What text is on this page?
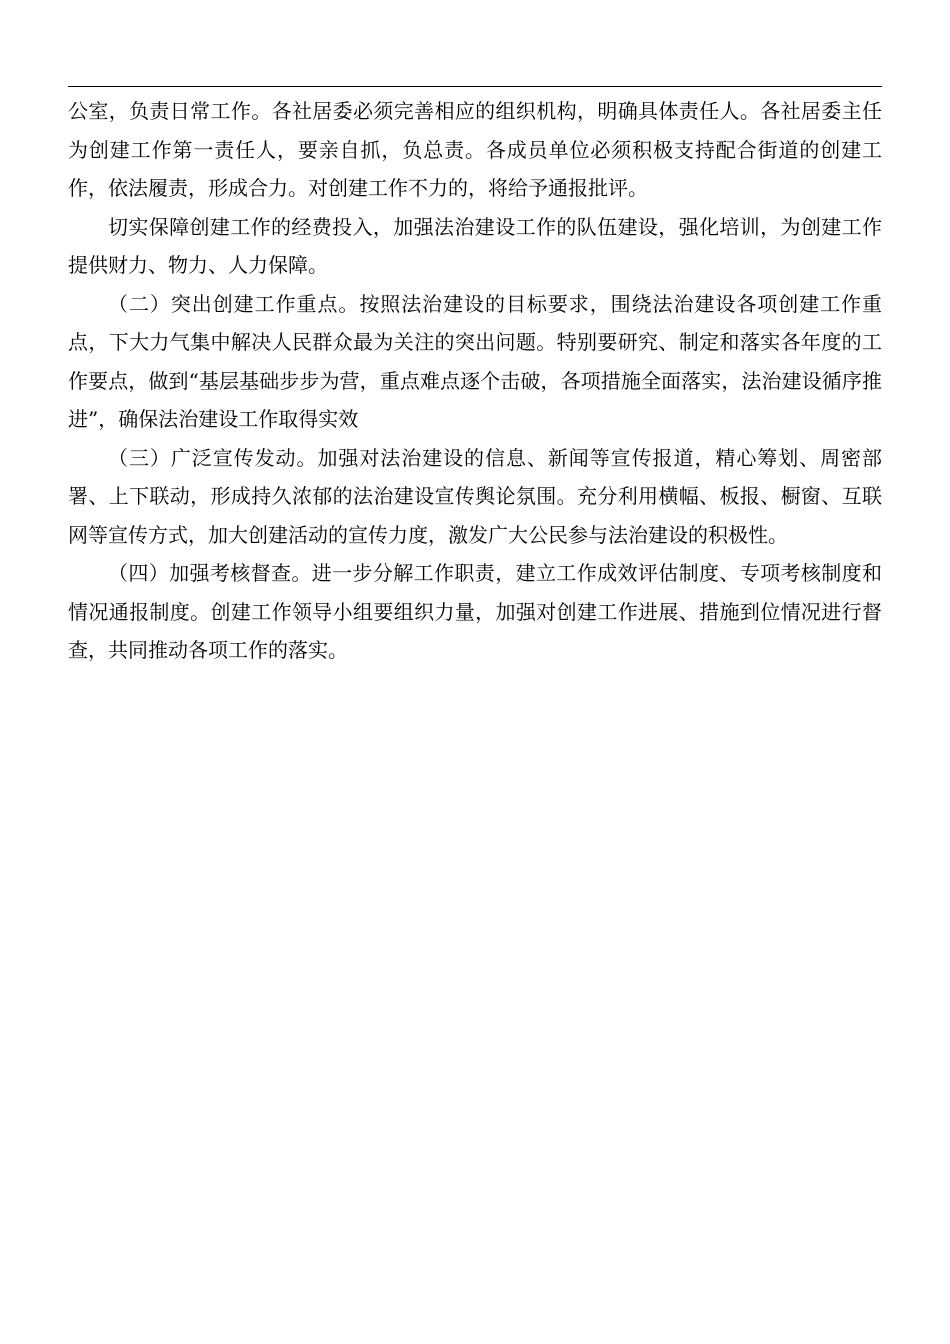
公室，负责日常工作。各社居委必须完善相应的组织机构，明确具体责任人。各社居委主任为创建工作第一责任人，要亲自抓，负总责。各成员单位必须积极支持配合街道的创建工作，依法履责，形成合力。对创建工作不力的，将给予通报批评。

切实保障创建工作的经费投入，加强法治建设工作的队伍建设，强化培训，为创建工作提供财力、物力、人力保障。

（二）突出创建工作重点。按照法治建设的目标要求，围绕法治建设各项创建工作重点，下大力气集中解决人民群众最为关注的突出问题。特别要研究、制定和落实各年度的工作要点，做到“基层基础步步为营，重点难点逐个击破，各项措施全面落实，法治建设循序推进”，确保法治建设工作取得实效

（三）广泛宣传发动。加强对法治建设的信息、新闻等宣传报道，精心筹划、周密部署、上下联动，形成持久浓郁的法治建设宣传舆论氛围。充分利用横幅、板报、橱窗、互联网等宣传方式，加大创建活动的宣传力度，激发广大公民参与法治建设的积极性。

（四）加强考核督查。进一步分解工作职责，建立工作成效评估制度、专项考核制度和情况通报制度。创建工作领导小组要组织力量，加强对创建工作进展、措施到位情况进行督查，共同推动各项工作的落实。
